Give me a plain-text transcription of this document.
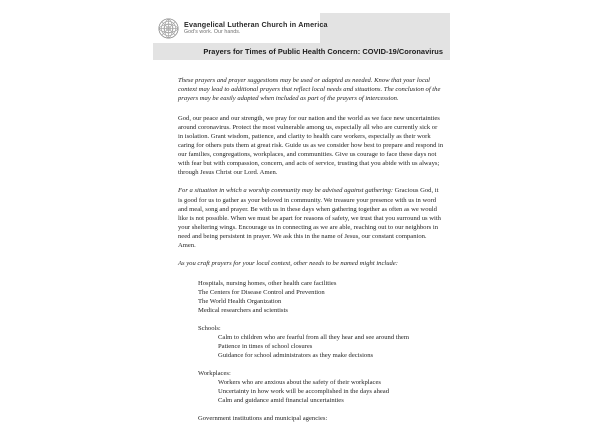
Evangelical Lutheran Church in America
God's work. Our hands.
Prayers for Times of Public Health Concern: COVID-19/Coronavirus

These prayers and prayer suggestions may be used or adapted as needed. Know that your local context may lead to additional prayers that reflect local needs and situations. The conclusion of the prayers may be easily adapted when included as part of the prayers of intercession.

God, our peace and our strength, we pray for our nation and the world as we face new uncertainties around coronavirus. Protect the most vulnerable among us, especially all who are currently sick or in isolation. Grant wisdom, patience, and clarity to health care workers, especially as their work caring for others puts them at great risk. Guide us as we consider how best to prepare and respond in our families, congregations, workplaces, and communities. Give us courage to face these days not with fear but with compassion, concern, and acts of service, trusting that you abide with us always; through Jesus Christ our Lord. Amen.

For a situation in which a worship community may be advised against gathering: Gracious God, it is good for us to gather as your beloved in community. We treasure your presence with us in word and meal, song and prayer. Be with us in these days when gathering together as often as we would like is not possible. When we must be apart for reasons of safety, we trust that you surround us with your sheltering wings. Encourage us in connecting as we are able, reaching out to our neighbors in need and being persistent in prayer. We ask this in the name of Jesus, our constant companion. Amen.

As you craft prayers for your local context, other needs to be named might include:

Hospitals, nursing homes, other health care facilities
The Centers for Disease Control and Prevention
The World Health Organization
Medical researchers and scientists
Schools:
Calm to children who are fearful from all they hear and see around them
Patience in times of school closures
Guidance for school administrators as they make decisions
Workplaces:
Workers who are anxious about the safety of their workplaces
Uncertainty in how work will be accomplished in the days ahead
Calm and guidance amid financial uncertainties
Government institutions and municipal agencies:
